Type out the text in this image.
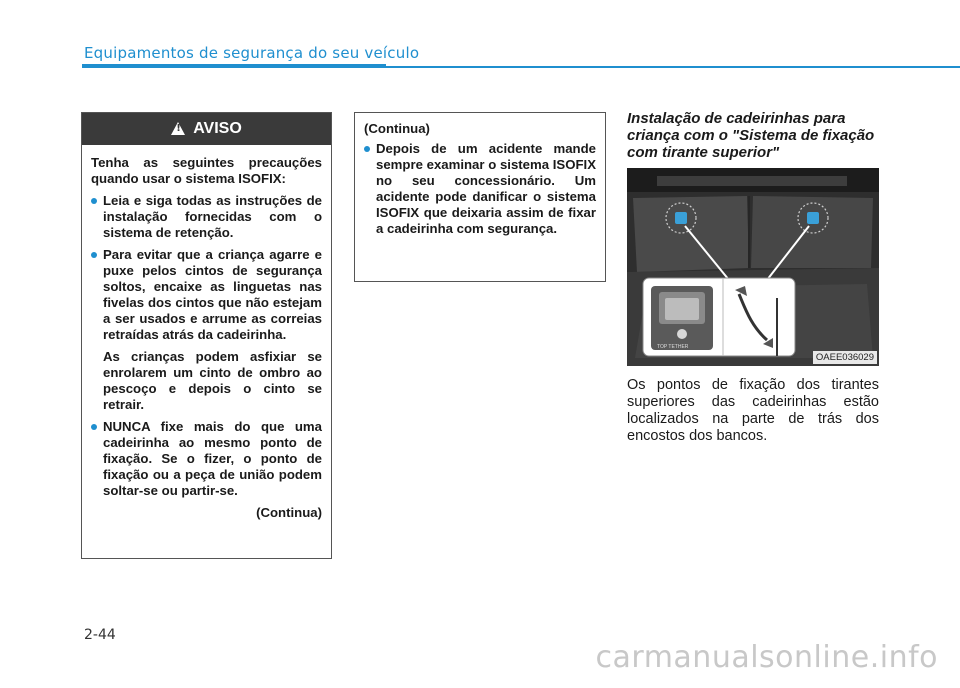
Equipamentos de segurança do seu veículo
!
AVISO

Tenha as seguintes precauções quando usar o sistema ISOFIX:

Leia e siga todas as instruções de instalação fornecidas com o sistema de retenção.
Para evitar que a criança agarre e puxe pelos cintos de segurança soltos, encaixe as linguetas nas fivelas dos cintos que não estejam a ser usados e arrume as correias retraídas atrás da cadeirinha.

As crianças podem asfixiar se enrolarem um cinto de ombro ao pescoço e depois o cinto se retrair.

NUNCA fixe mais do que uma cadeirinha ao mesmo ponto de fixação. Se o fizer, o ponto de fixação ou a peça de união podem soltar-se ou partir-se.
(Continua)

(Continua)

Depois de um acidente mande sempre examinar o sistema ISOFIX no seu concessionário. Um acidente pode danificar o sistema ISOFIX que deixaria assim de fixar a cadeirinha com segurança.
Instalação de cadeirinhas para criança com o "Sistema de fixação com tirante superior"
TOP TETHER
OAEE036029
Os pontos de fixação dos tirantes superiores das cadeirinhas estão localizados na parte de trás dos encostos dos bancos.
2-44
carmanualsonline.info
